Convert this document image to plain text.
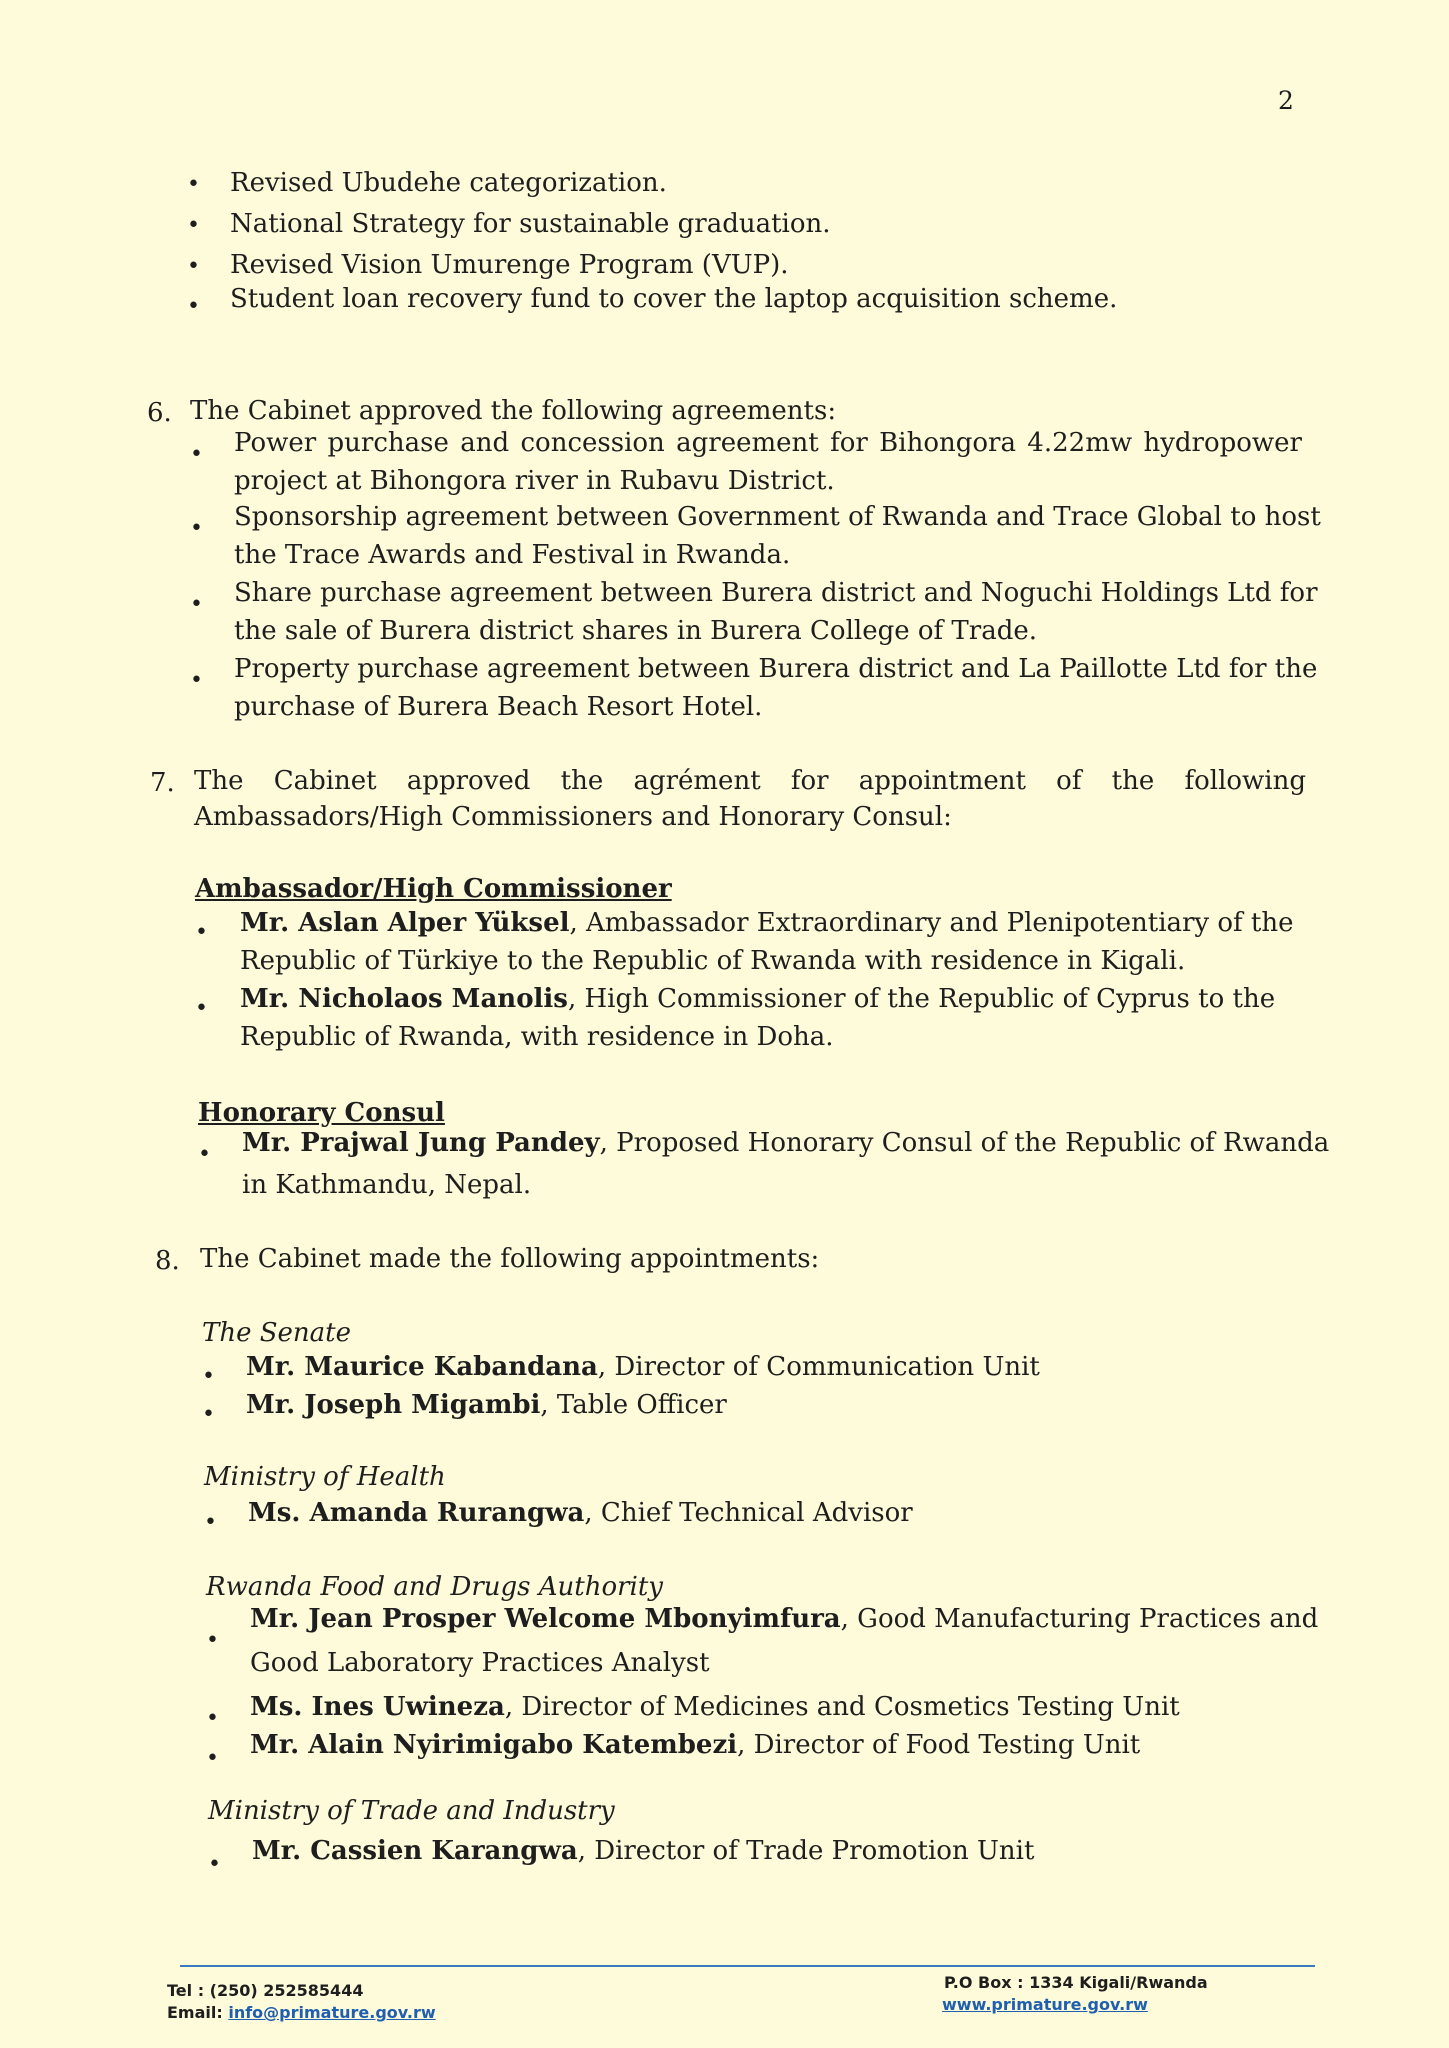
2
•
Revised Ubudehe categorization.
•
National Strategy for sustainable graduation.
•
Revised Vision Umurenge Program (VUP).
•
Student loan recovery fund to cover the laptop acquisition scheme.
6. The Cabinet approved the following agreements:
•
Power purchase and concession agreement for Bihongora 4.22mw hydropower
project at Bihongora river in Rubavu District.
•
Sponsorship agreement between Government of Rwanda and Trace Global to host
the Trace Awards and Festival in Rwanda.
•
Share purchase agreement between Burera district and Noguchi Holdings Ltd for
the sale of Burera district shares in Burera College of Trade.
•
Property purchase agreement between Burera district and La Paillotte Ltd for the
purchase of Burera Beach Resort Hotel.
7. The Cabinet approved the agrément for appointment of the following
Ambassadors/High Commissioners and Honorary Consul:
Ambassador/High Commissioner
•
Mr. Aslan Alper Yüksel, Ambassador Extraordinary and Plenipotentiary of the
Republic of Türkiye to the Republic of Rwanda with residence in Kigali.
•
Mr. Nicholaos Manolis, High Commissioner of the Republic of Cyprus to the
Republic of Rwanda, with residence in Doha.
Honorary Consul
•
Mr. Prajwal Jung Pandey, Proposed Honorary Consul of the Republic of Rwanda
in Kathmandu, Nepal.
8. The Cabinet made the following appointments:
The Senate
•
Mr. Maurice Kabandana, Director of Communication Unit
•
Mr. Joseph Migambi, Table Officer
Ministry of Health
•
Ms. Amanda Rurangwa, Chief Technical Advisor
Rwanda Food and Drugs Authority
•
Mr. Jean Prosper Welcome Mbonyimfura, Good Manufacturing Practices and
Good Laboratory Practices Analyst
•
Ms. Ines Uwineza, Director of Medicines and Cosmetics Testing Unit
•
Mr. Alain Nyirimigabo Katembezi, Director of Food Testing Unit
Ministry of Trade and Industry
•
Mr. Cassien Karangwa, Director of Trade Promotion Unit
Tel : (250) 252585444
Email: info@primature.gov.rw
P.O Box : 1334 Kigali/Rwanda
www.primature.gov.rw
